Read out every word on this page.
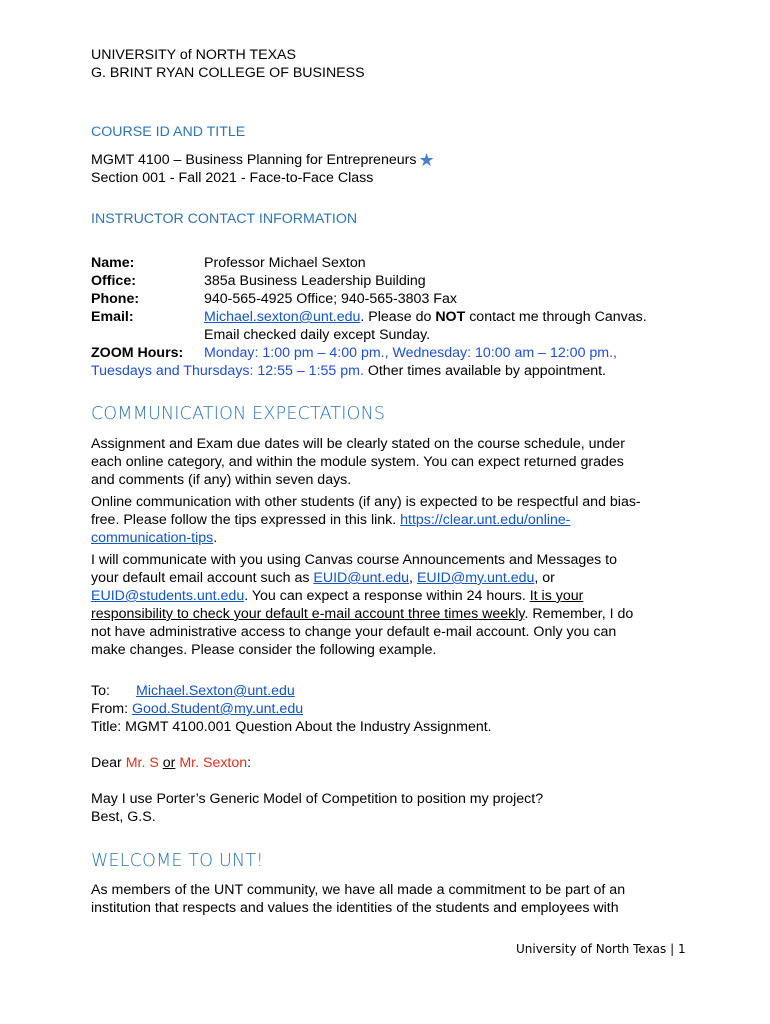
UNIVERSITY of NORTH TEXAS
G. BRINT RYAN COLLEGE OF BUSINESS
COURSE ID AND TITLE
MGMT 4100 – Business Planning for Entrepreneurs ★
Section 001 - Fall 2021 - Face-to-Face Class
INSTRUCTOR CONTACT INFORMATION
Name:	Professor Michael Sexton
Office:	385a Business Leadership Building
Phone:	940-565-4925 Office; 940-565-3803 Fax
Email:	Michael.sexton@unt.edu. Please do NOT contact me through Canvas.
Email checked daily except Sunday.
ZOOM Hours: Monday: 1:00 pm – 4:00 pm., Wednesday: 10:00 am – 12:00 pm.,
Tuesdays and Thursdays: 12:55 – 1:55 pm. Other times available by appointment.
COMMUNICATION EXPECTATIONS
Assignment and Exam due dates will be clearly stated on the course schedule, under
each online category, and within the module system. You can expect returned grades
and comments (if any) within seven days.
Online communication with other students (if any) is expected to be respectful and bias-
free. Please follow the tips expressed in this link. https://clear.unt.edu/online-
communication-tips.
I will communicate with you using Canvas course Announcements and Messages to
your default email account such as EUID@unt.edu, EUID@my.unt.edu, or
EUID@students.unt.edu. You can expect a response within 24 hours. It is your
responsibility to check your default e-mail account three times weekly. Remember, I do
not have administrative access to change your default e-mail account. Only you can
make changes. Please consider the following example.
To: Michael.Sexton@unt.edu
From: Good.Student@my.unt.edu
Title: MGMT 4100.001 Question About the Industry Assignment.
Dear Mr. S or Mr. Sexton:
May I use Porter’s Generic Model of Competition to position my project?
Best, G.S.
WELCOME TO UNT!
As members of the UNT community, we have all made a commitment to be part of an
institution that respects and values the identities of the students and employees with
University of North Texas | 1
